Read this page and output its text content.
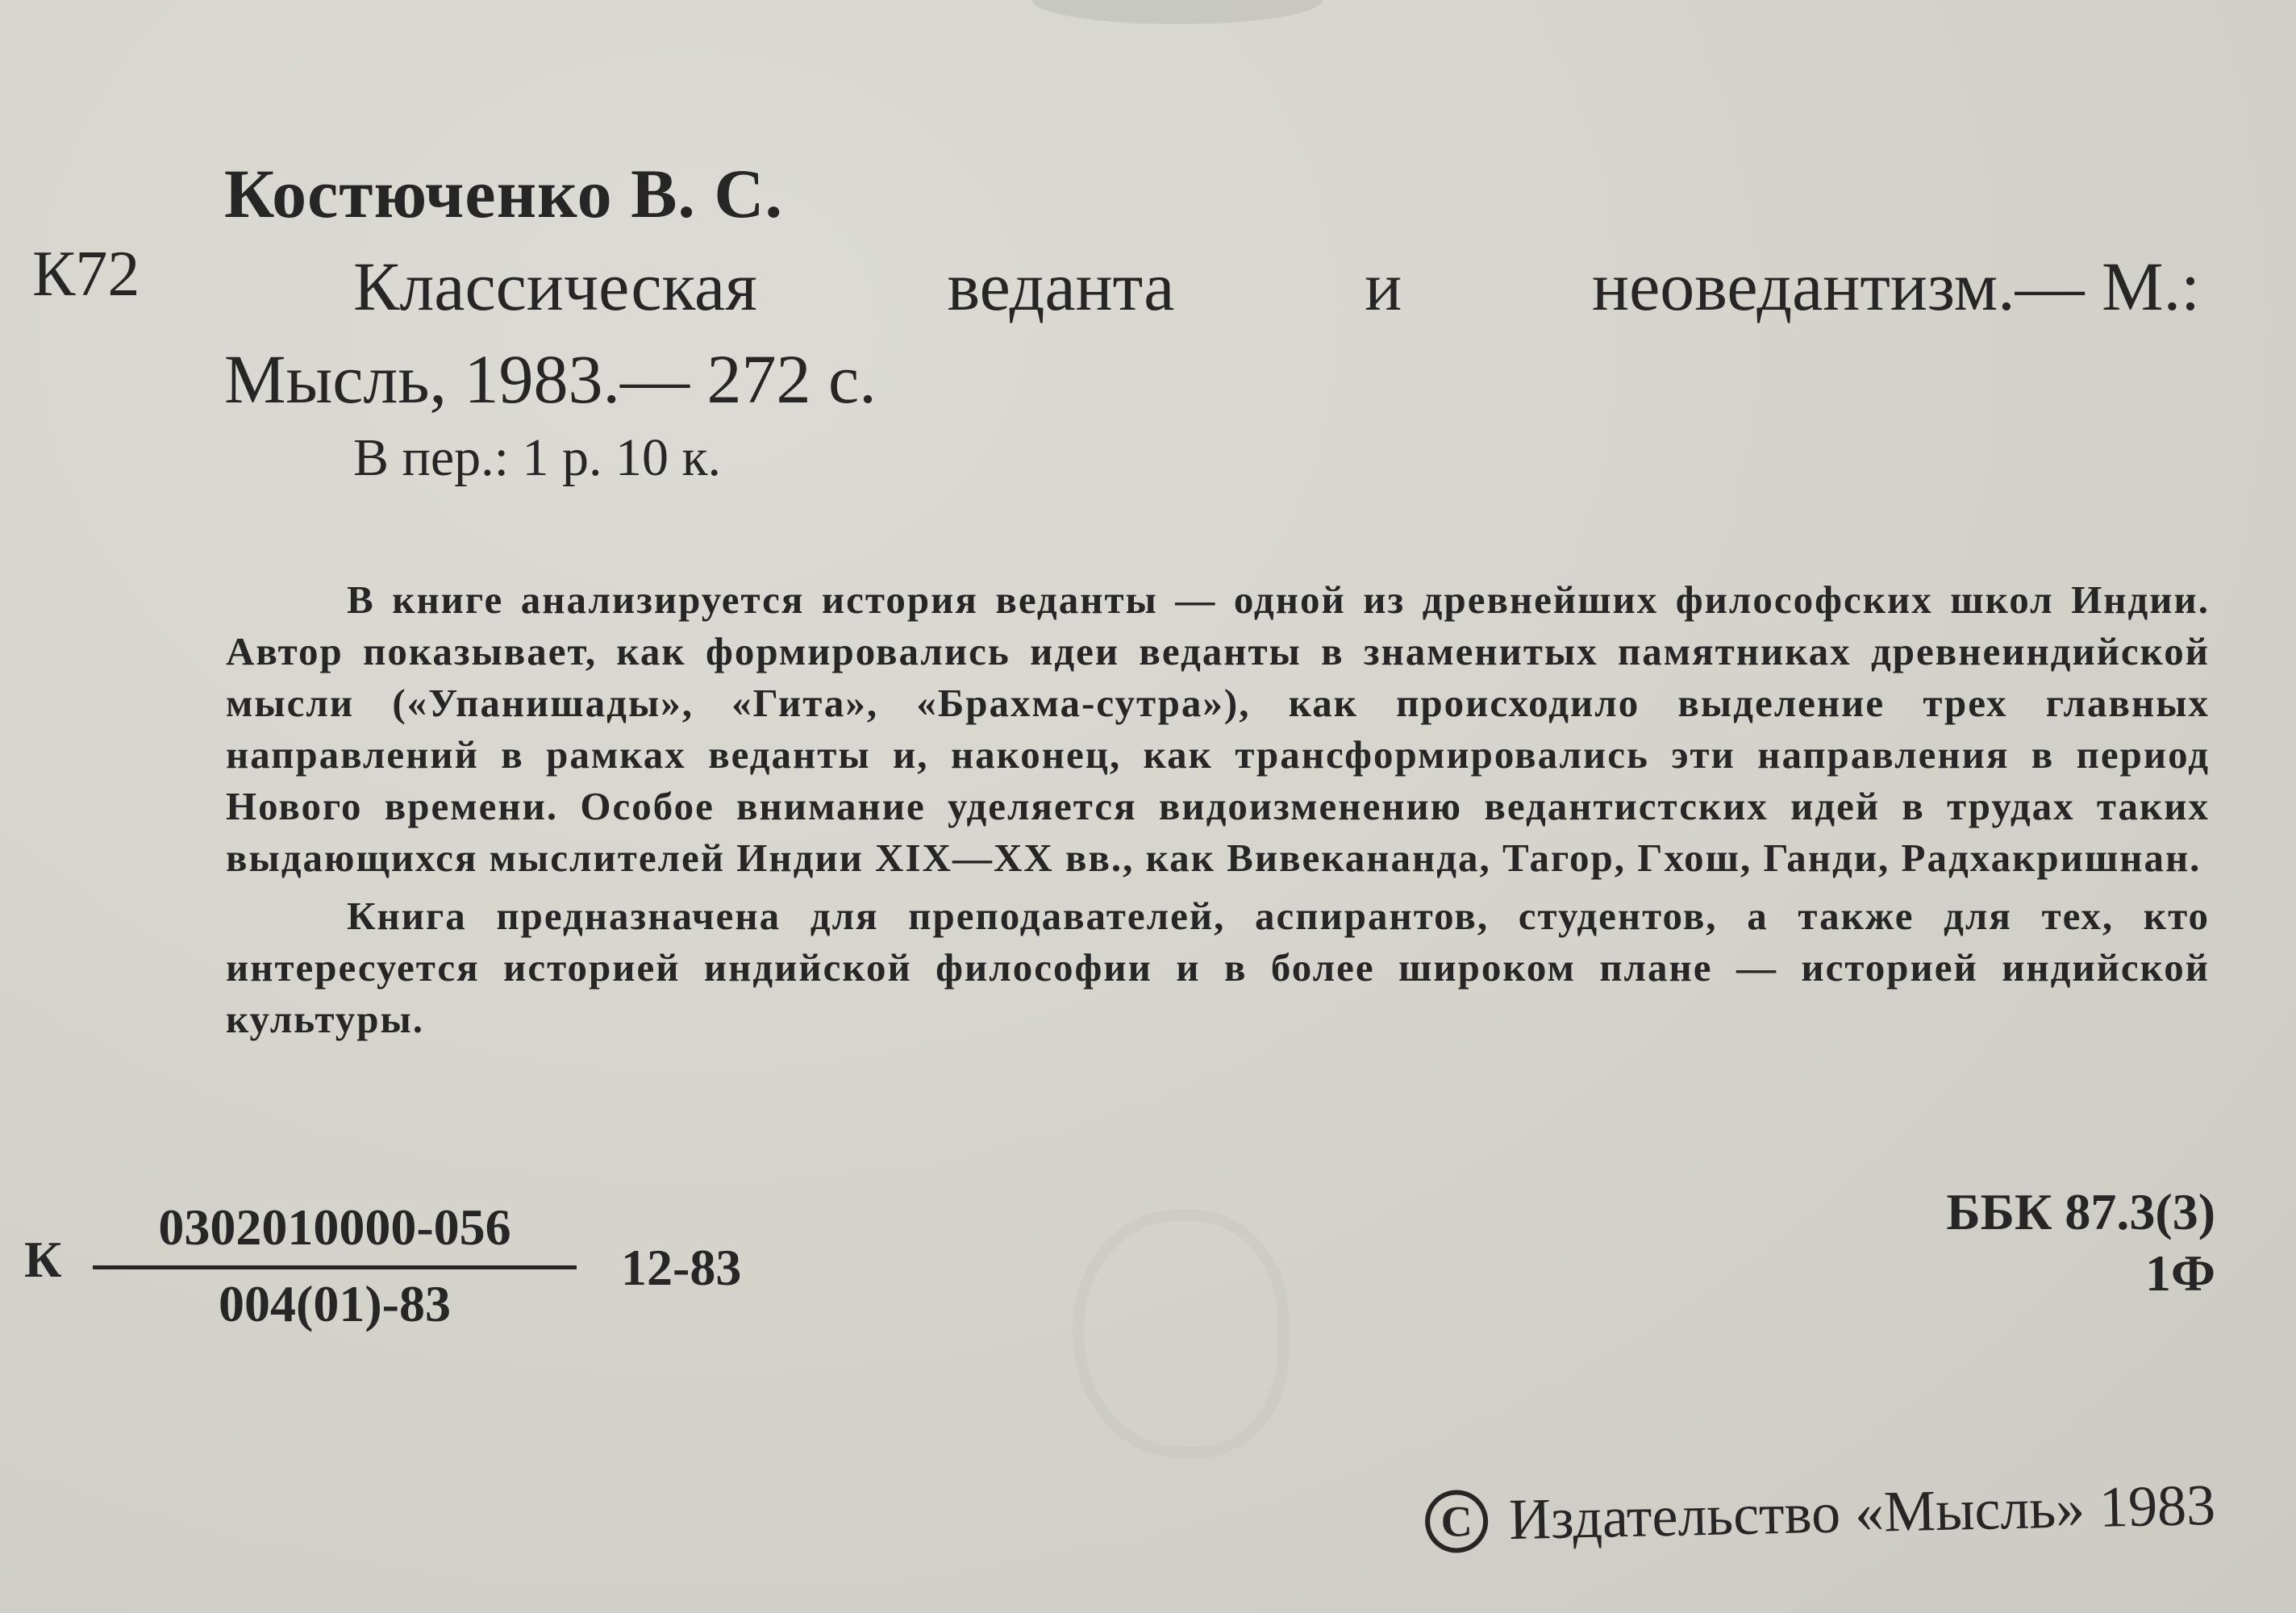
Костюченко В. С.
К72	Классическая	веданта	и	неоведантизм.— М.:
Мысль, 1983.— 272 с.
В пер.: 1 р. 10 к.

В книге анализируется история веданты — одной из древнейших философских школ Индии. Автор показывает, как формировались идеи веданты в знаменитых памятниках древнеиндийской мысли («Упанишады», «Гита», «Брахма-сутра»), как происходило выделение трех главных направлений в рамках веданты и, наконец, как трансформировались эти направления в период Нового времени. Особое внимание уделяется видоизменению ведантистских идей в трудах таких выдающихся мыслителей Индии XIX—XX вв., как Вивекананда, Тагор, Гхош, Ганди, Радхакришнан.

Книга предназначена для преподавателей, аспирантов, студентов, а также для тех, кто интересуется историей индийской философии и в более широком плане — историей индийской культуры.

К
0302010000-056
004(01)-83
12-83
ББК 87.3(3)
1Ф
С Издательство «Мысль» 1983
